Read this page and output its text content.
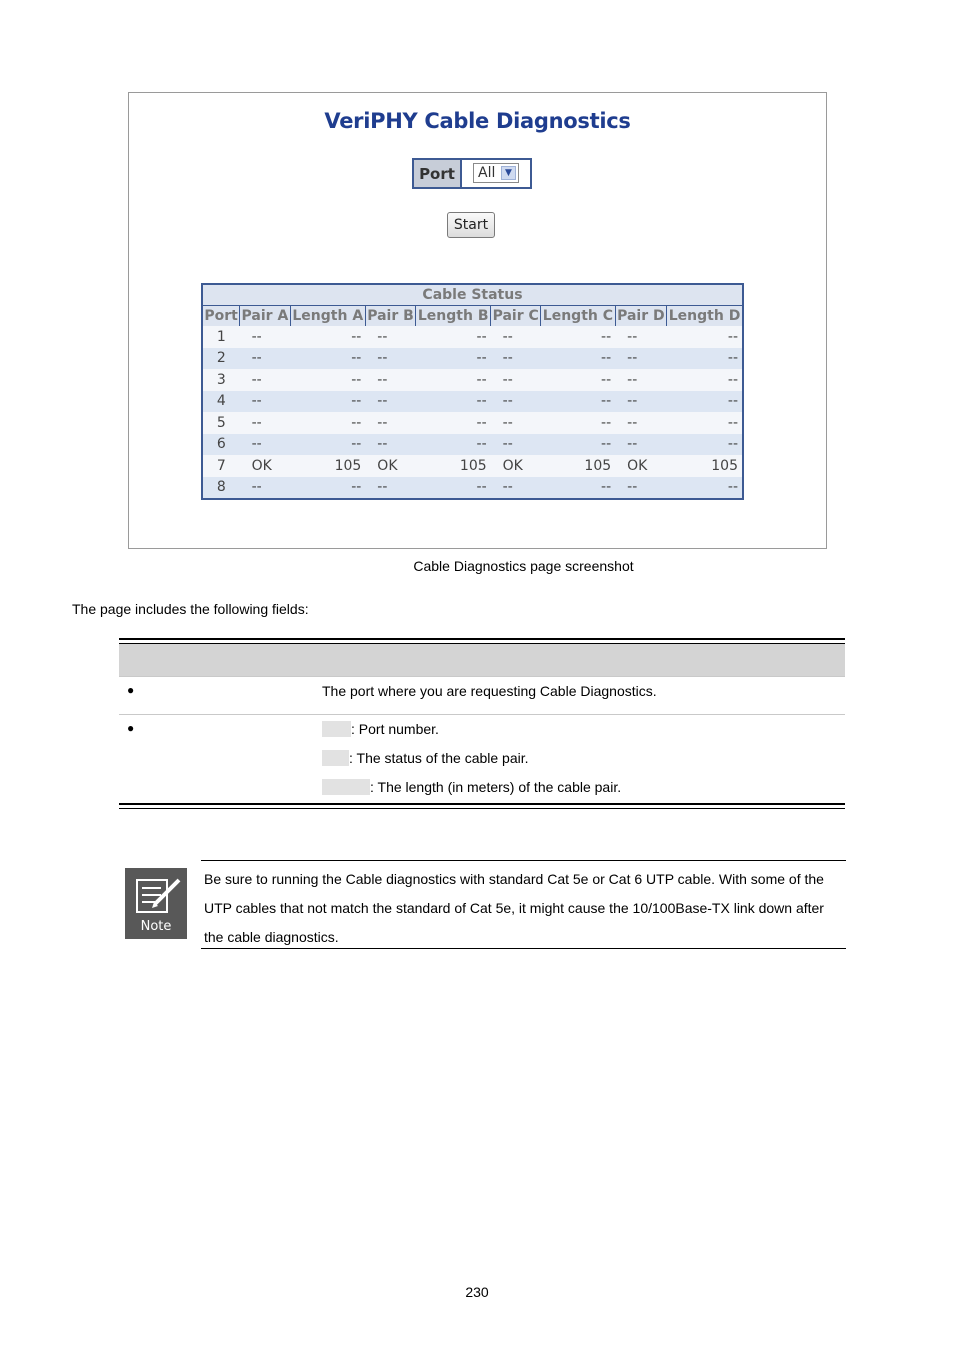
VeriPHY Cable Diagnostics
Port	All	▼
Start
Cable Status								
Port	Pair A	Length A	Pair B	Length B	Pair C	Length C	Pair D	Length D
1	--	--	--	--	--	--	--	--
2	--	--	--	--	--	--	--	--
3	--	--	--	--	--	--	--	--
4	--	--	--	--	--	--	--	--
5	--	--	--	--	--	--	--	--
6	--	--	--	--	--	--	--	--
7	OK	105	OK	105	OK	105	OK	105
8	--	--	--	--	--	--	--	--
Cable Diagnostics page screenshot
The page includes the following fields:
●	The port where you are requesting Cable Diagnostics.
●	: Port number.
: The status of the cable pair.
: The length (in meters) of the cable pair.
Note
Be sure to running the Cable diagnostics with standard Cat 5e or Cat 6 UTP cable. With some of the UTP cables that not match the standard of Cat 5e, it might cause the 10/100Base-TX link down after the cable diagnostics.
230
